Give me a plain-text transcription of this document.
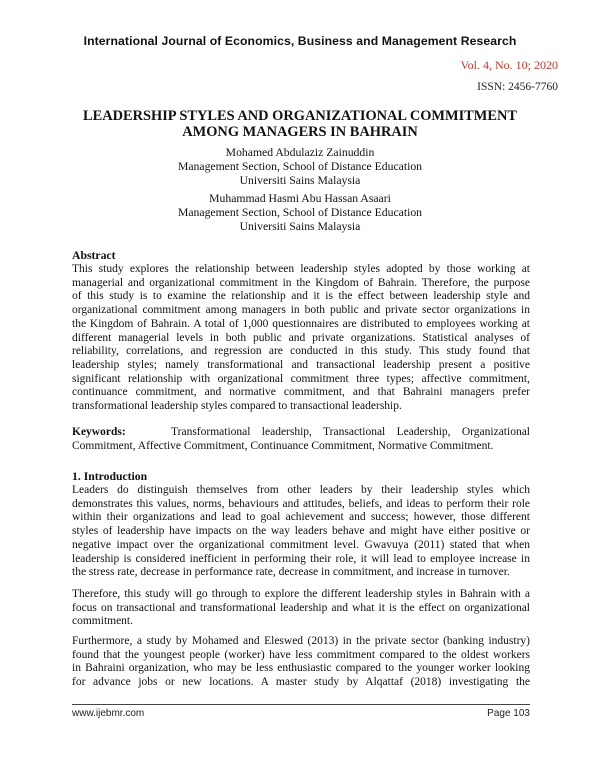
International Journal of Economics, Business and Management Research
Vol. 4, No. 10; 2020
ISSN: 2456-7760
LEADERSHIP STYLES AND ORGANIZATIONAL COMMITMENT
AMONG MANAGERS IN BAHRAIN
Mohamed Abdulaziz Zainuddin
Management Section, School of Distance Education
Universiti Sains Malaysia
Muhammad Hasmi Abu Hassan Asaari
Management Section, School of Distance Education
Universiti Sains Malaysia
Abstract
This study explores the relationship between leadership styles adopted by those working at
managerial and organizational commitment in the Kingdom of Bahrain. Therefore, the purpose
of this study is to examine the relationship and it is the effect between leadership style and
organizational commitment among managers in both public and private sector organizations in
the Kingdom of Bahrain. A total of 1,000 questionnaires are distributed to employees working at
different managerial levels in both public and private organizations. Statistical analyses of
reliability, correlations, and regression are conducted in this study. This study found that
leadership styles; namely transformational and transactional leadership present a positive
significant relationship with organizational commitment three types; affective commitment,
continuance commitment, and normative commitment, and that Bahraini managers prefer
transformational leadership styles compared to transactional leadership.
Keywords:	Transformational leadership, Transactional Leadership, Organizational
Commitment, Affective Commitment, Continuance Commitment, Normative Commitment.
1. Introduction
Leaders do distinguish themselves from other leaders by their leadership styles which
demonstrates this values, norms, behaviours and attitudes, beliefs, and ideas to perform their role
within their organizations and lead to goal achievement and success; however, those different
styles of leadership have impacts on the way leaders behave and might have either positive or
negative impact over the organizational commitment level. Gwavuya (2011) stated that when
leadership is considered inefficient in performing their role, it will lead to employee increase in
the stress rate, decrease in performance rate, decrease in commitment, and increase in turnover.
Therefore, this study will go through to explore the different leadership styles in Bahrain with a
focus on transactional and transformational leadership and what it is the effect on organizational
commitment.
Furthermore, a study by Mohamed and Eleswed (2013) in the private sector (banking industry)
found that the youngest people (worker) have less commitment compared to the oldest workers
in Bahraini organization, who may be less enthusiastic compared to the younger worker looking
for advance jobs or new locations. A master study by Alqattaf (2018) investigating the
www.ijebmr.com	Page 103
